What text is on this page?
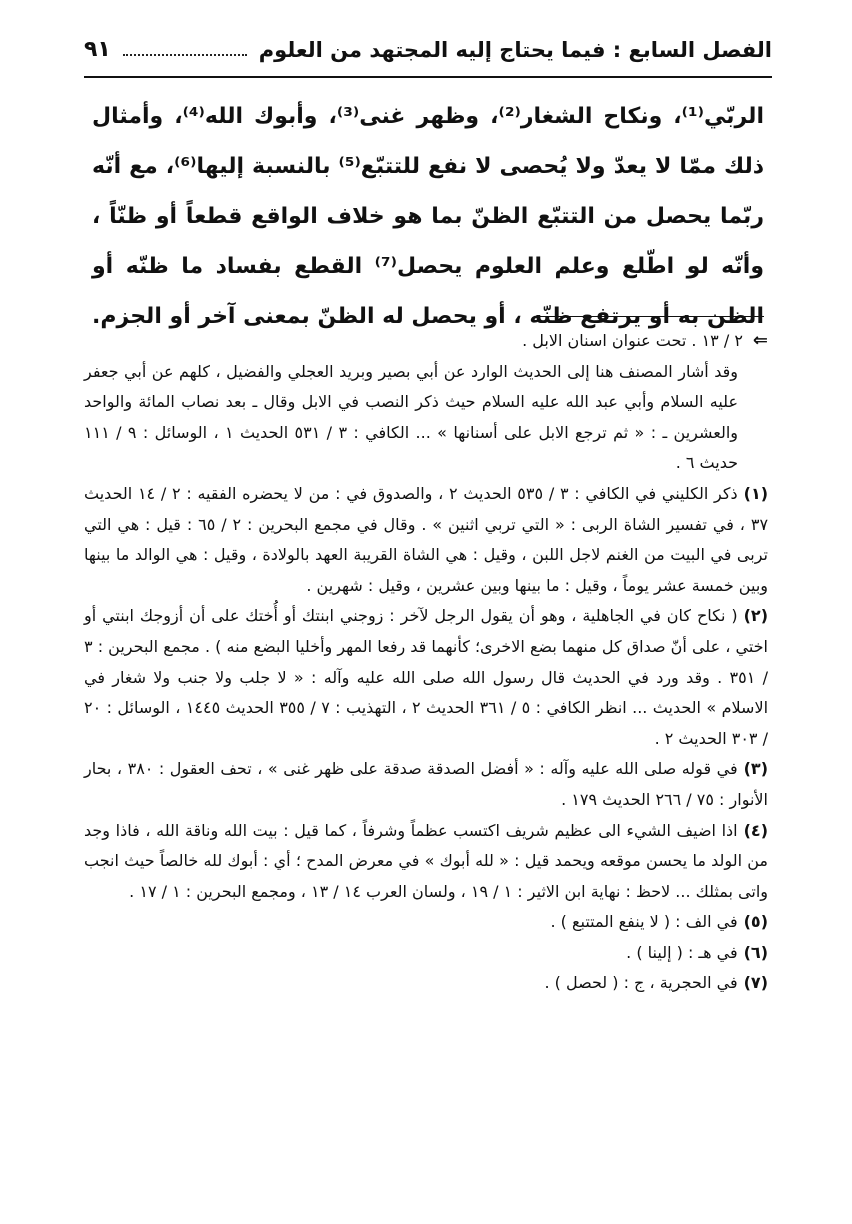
الفصل السابع : فيما يحتاج إليه المجتهد من العلوم
٩١

الربّي⁽¹⁾، ونكاح الشغار⁽²⁾، وظهر غنى⁽³⁾، وأبوك الله⁽⁴⁾، وأمثال ذلك ممّا لا يعدّ ولا يُحصى لا نفع للتتبّع⁽⁵⁾ بالنسبة إليها⁽⁶⁾، مع أنّه ربّما يحصل من التتبّع الظنّ بما هو خلاف الواقع قطعاً أو ظنّاً ، وأنّه لو اطّلع وعلم العلوم يحصل⁽⁷⁾ القطع بفساد ما ظنّه أو الظن به أو يرتفع ظنّه ، أو يحصل له الظنّ بمعنى آخر أو الجزم.

⇐٢ / ١٣ . تحت عنوان اسنان الابل .

وقد أشار المصنف هنا إلى الحديث الوارد عن أبي بصير وبريد العجلي والفضيل ، كلهم عن أبي جعفر عليه السلام وأبي عبد الله عليه السلام حيث ذكر النصب في الابل وقال ـ بعد نصاب المائة والواحد والعشرين ـ : « ثم ترجع الابل على أسنانها » ... الكافي : ٣ / ٥٣١ الحديث ١ ، الوسائل : ٩ / ١١١ حديث ٦ .

(١)ذكر الكليني في الكافي : ٣ / ٥٣٥ الحديث ٢ ، والصدوق في : من لا يحضره الفقيه : ٢ / ١٤ الحديث ٣٧ ، في تفسير الشاة الربى : « التي تربي اثنين » . وقال في مجمع البحرين : ٢ / ٦٥ : قيل : هي التي تربى في البيت من الغنم لاجل اللبن ، وقيل : هي الشاة القريبة العهد بالولادة ، وقيل : هي الوالد ما بينها وبين خمسة عشر يوماً ، وقيل : ما بينها وبين عشرين ، وقيل : شهرين .

(٢)( نكاح كان في الجاهلية ، وهو أن يقول الرجل لآخر : زوجني ابنتك أو أُختك على أن أزوجك ابنتي أو اختي ، على أنّ صداق كل منهما بضع الاخرى؛ كأنهما قد رفعا المهر وأخليا البضع منه ) . مجمع البحرين : ٣ / ٣٥١ . وقد ورد في الحديث قال رسول الله صلى الله عليه وآله : « لا جلب ولا جنب ولا شغار في الاسلام » الحديث ... انظر الكافي : ٥ / ٣٦١ الحديث ٢ ، التهذيب : ٧ / ٣٥٥ الحديث ١٤٤٥ ، الوسائل : ٢٠ / ٣٠٣ الحديث ٢ .

(٣)في قوله صلى الله عليه وآله : « أفضل الصدقة صدقة على ظهر غنى » ، تحف العقول : ٣٨٠ ، بحار الأنوار : ٧٥ / ٢٦٦ الحديث ١٧٩ .

(٤)اذا اضيف الشيء الى عظيم شريف اكتسب عظماً وشرفاً ، كما قيل : بيت الله وناقة الله ، فاذا وجد من الولد ما يحسن موقعه ويحمد قيل : « لله أبوك » في معرض المدح ؛ أي : أبوك لله خالصاً حيث انجب واتى بمثلك ... لاحظ : نهاية ابن الاثير : ١ / ١٩ ، ولسان العرب ١٤ / ١٣ ، ومجمع البحرين : ١ / ١٧ .

(٥)في الف : ( لا ينفع المتتبع ) .

(٦)في هـ : ( إلينا ) .

(٧)في الحجرية ، ج : ( لحصل ) .
